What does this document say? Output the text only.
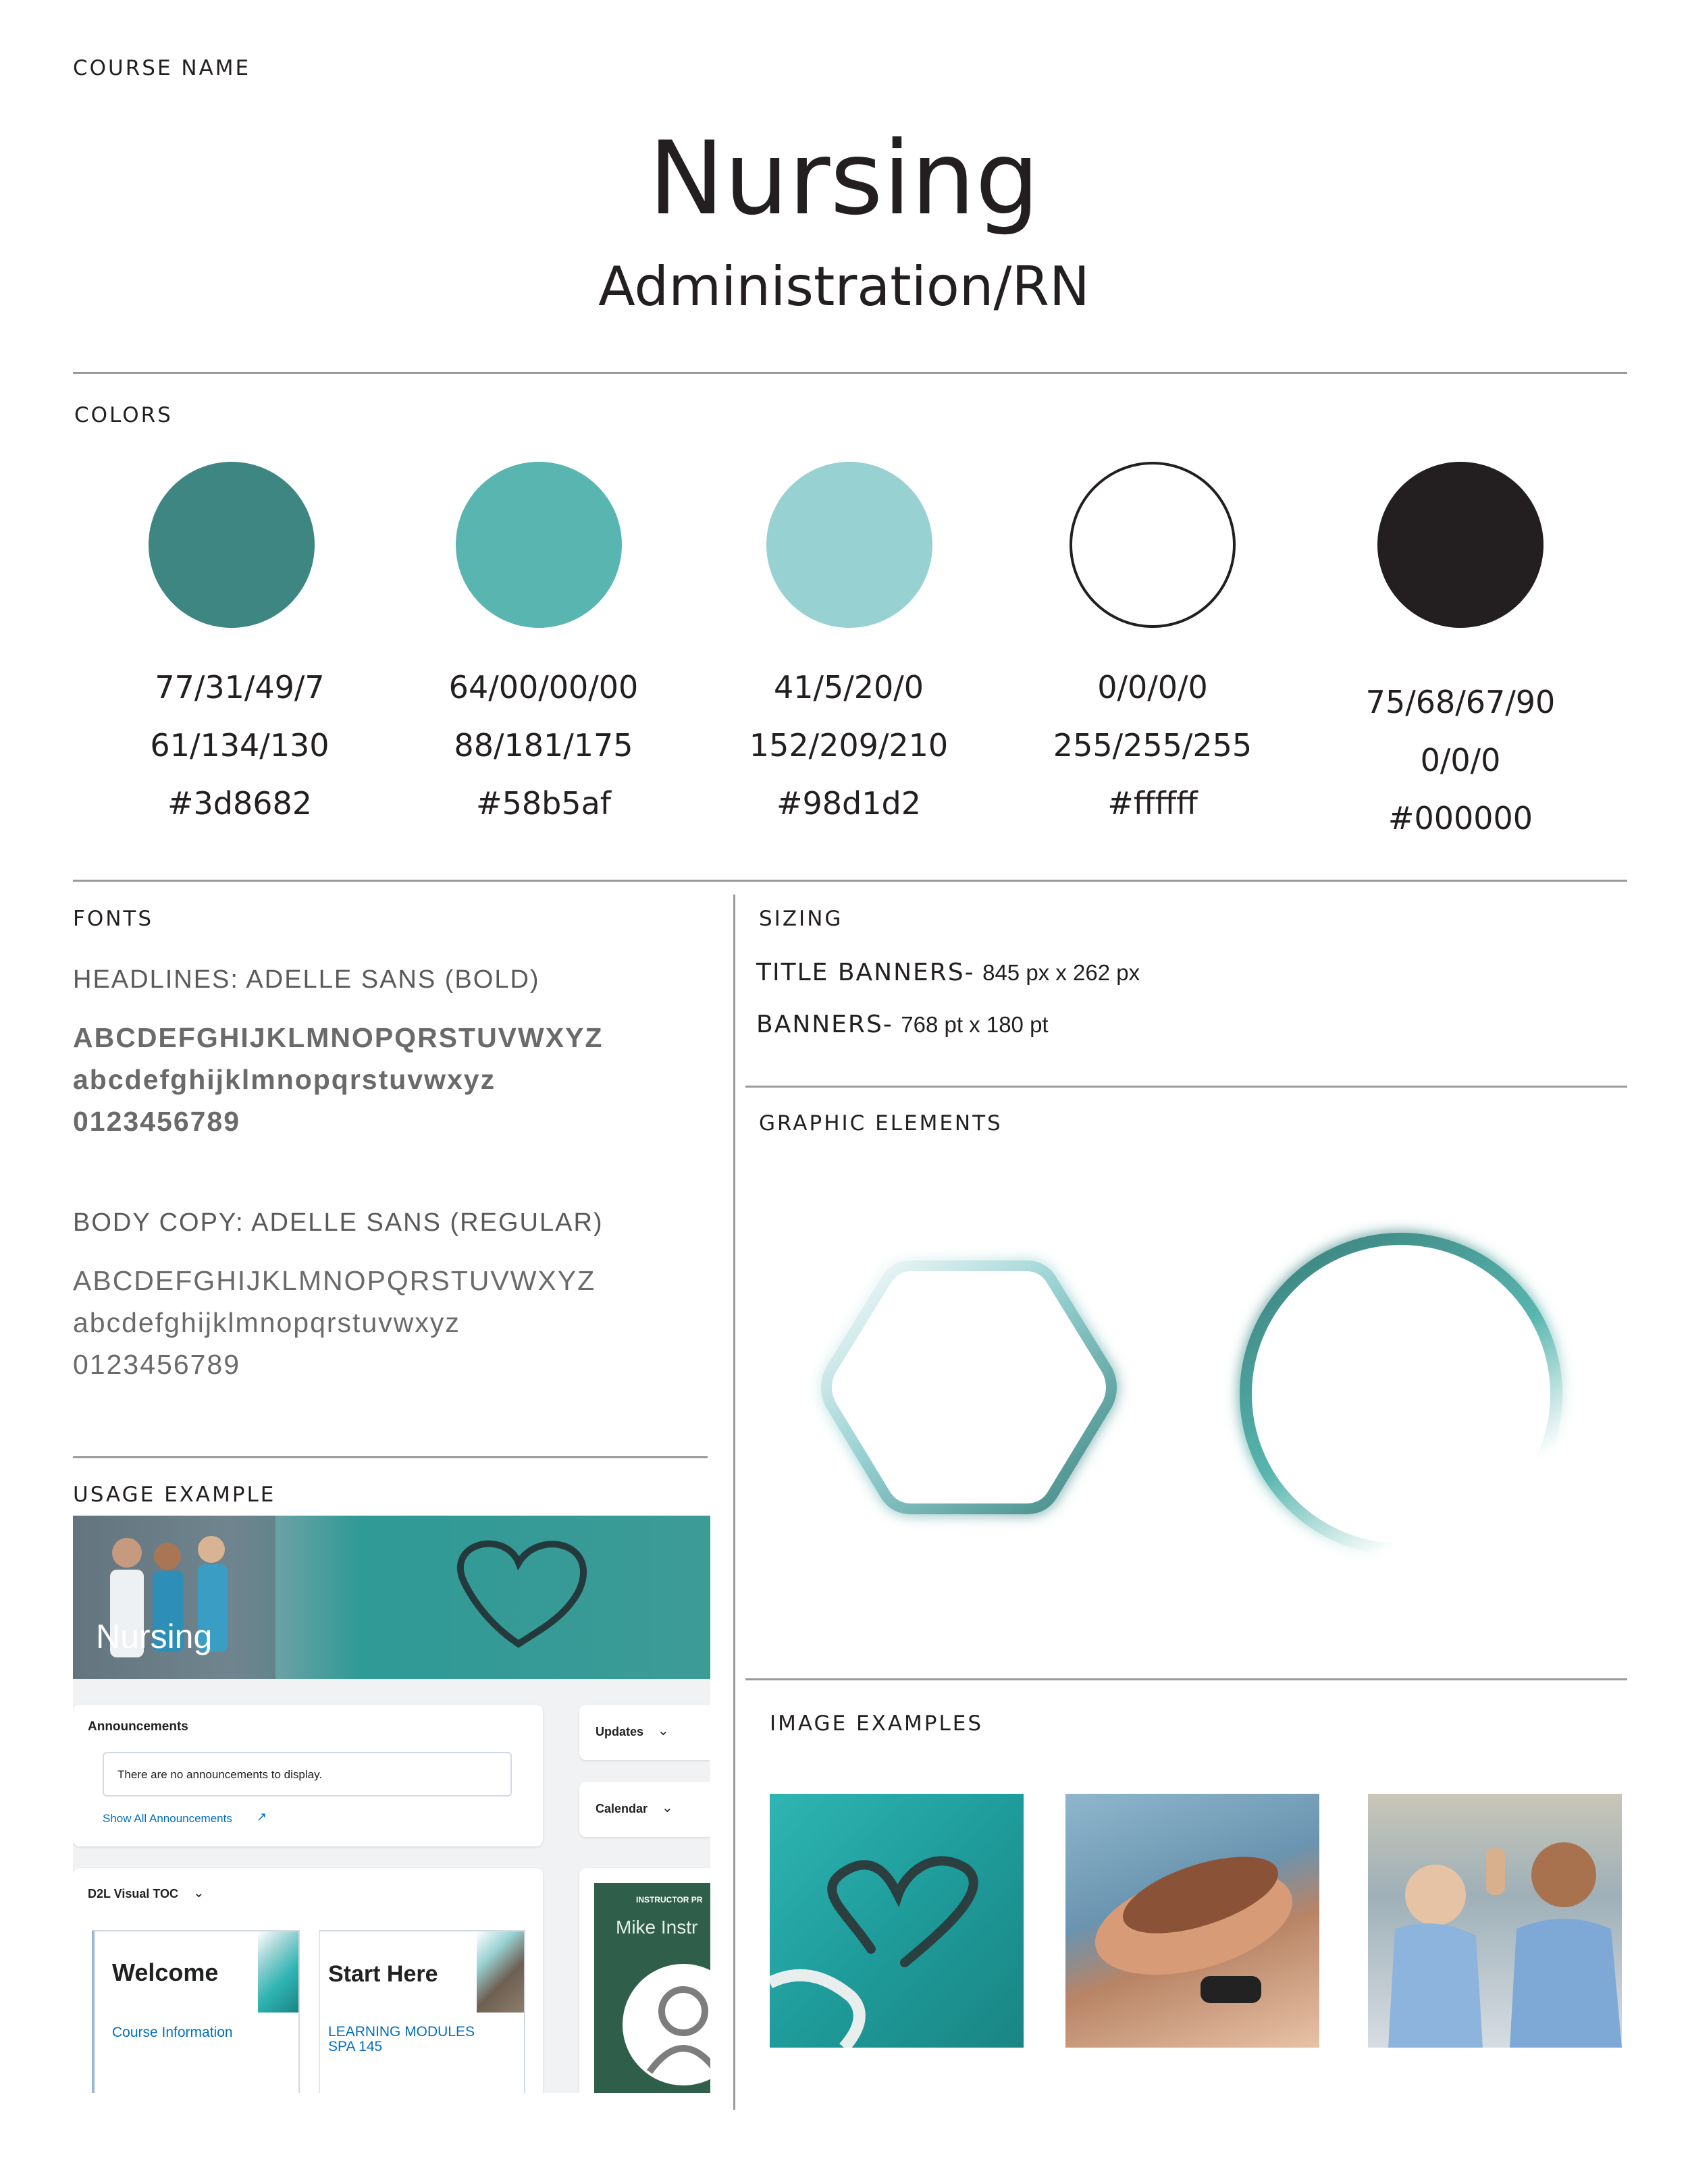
COURSE NAME
Nursing
Administration/RN
COLORS
77/31/49/7
61/134/130
#3d8682
64/00/00/00
88/181/175
#58b5af
41/5/20/0
152/209/210
#98d1d2
0/0/0/0
255/255/255
#ffffff
75/68/67/90
0/0/0
#000000
FONTS
HEADLINES: ADELLE SANS (BOLD)
ABCDEFGHIJKLMNOPQRSTUVWXYZ
abcdefghijklmnopqrstuvwxyz
0123456789
BODY COPY: ADELLE SANS (REGULAR)
ABCDEFGHIJKLMNOPQRSTUVWXYZ
abcdefghijklmnopqrstuvwxyz
0123456789
SIZING
TITLE BANNERS- 845 px x 262 px
BANNERS- 768 pt x 180 pt
GRAPHIC ELEMENTS
IMAGE EXAMPLES
USAGE EXAMPLE
Nursing
Announcements
There are no announcements to display.
Show All Announcements ↗
Updates ⌄
Calendar ⌄
D2L Visual TOC ⌄
Welcome
Course Information
Start Here
LEARNING MODULES SPA 145
INSTRUCTOR PR
Mike Instr
